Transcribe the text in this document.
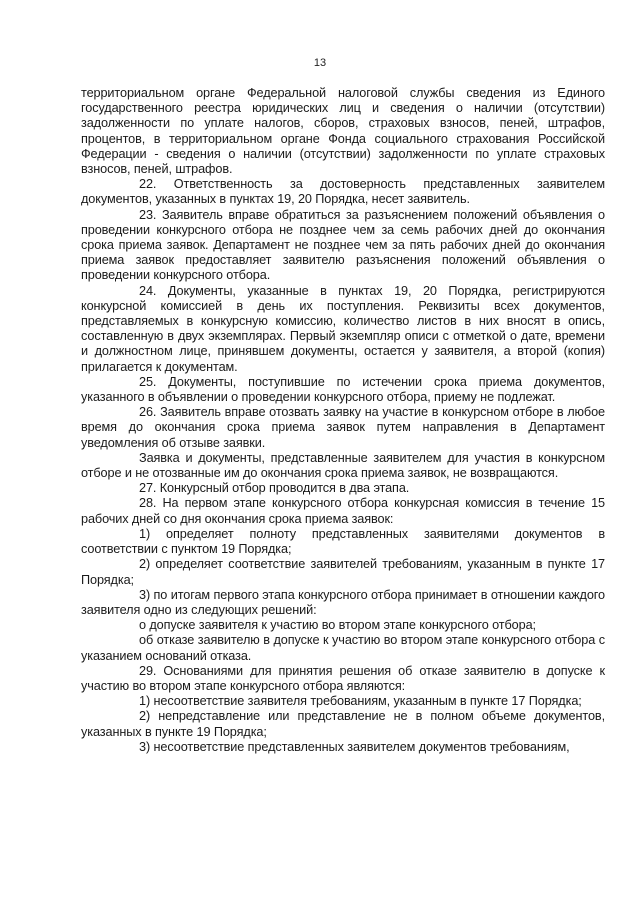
13

территориальном органе Федеральной налоговой службы сведения из Единого государственного реестра юридических лиц и сведения о наличии (отсутствии) задолженности по уплате налогов, сборов, страховых взносов, пеней, штрафов, процентов, в территориальном органе Фонда социального страхования Российской Федерации - сведения о наличии (отсутствии) задолженности по уплате страховых взносов, пеней, штрафов.

22. Ответственность за достоверность представленных заявителем документов, указанных в пунктах 19, 20 Порядка, несет заявитель.

23. Заявитель вправе обратиться за разъяснением положений объявления о проведении конкурсного отбора не позднее чем за семь рабочих дней до окончания срока приема заявок. Департамент не позднее чем за пять рабочих дней до окончания приема заявок предоставляет заявителю разъяснения положений объявления о проведении конкурсного отбора.

24. Документы, указанные в пунктах 19, 20 Порядка, регистрируются конкурсной комиссией в день их поступления. Реквизиты всех документов, представляемых в конкурсную комиссию, количество листов в них вносят в опись, составленную в двух экземплярах. Первый экземпляр описи с отметкой о дате, времени и должностном лице, принявшем документы, остается у заявителя, а второй (копия) прилагается к документам.

25. Документы, поступившие по истечении срока приема документов, указанного в объявлении о проведении конкурсного отбора, приему не подлежат.

26. Заявитель вправе отозвать заявку на участие в конкурсном отборе в любое время до окончания срока приема заявок путем направления в Департамент уведомления об отзыве заявки.

Заявка и документы, представленные заявителем для участия в конкурсном отборе и не отозванные им до окончания срока приема заявок, не возвращаются.

27. Конкурсный отбор проводится в два этапа.

28. На первом этапе конкурсного отбора конкурсная комиссия в течение 15 рабочих дней со дня окончания срока приема заявок:

1) определяет полноту представленных заявителями документов в соответствии с пунктом 19 Порядка;

2) определяет соответствие заявителей требованиям, указанным в пункте 17 Порядка;

3) по итогам первого этапа конкурсного отбора принимает в отношении каждого заявителя одно из следующих решений:

о допуске заявителя к участию во втором этапе конкурсного отбора;

об отказе заявителю в допуске к участию во втором этапе конкурсного отбора с указанием оснований отказа.

29. Основаниями для принятия решения об отказе заявителю в допуске к участию во втором этапе конкурсного отбора являются:

1) несоответствие заявителя требованиям, указанным в пункте 17 Порядка;

2) непредставление или представление не в полном объеме документов, указанных в пункте 19 Порядка;

3) несоответствие представленных заявителем документов требованиям,
